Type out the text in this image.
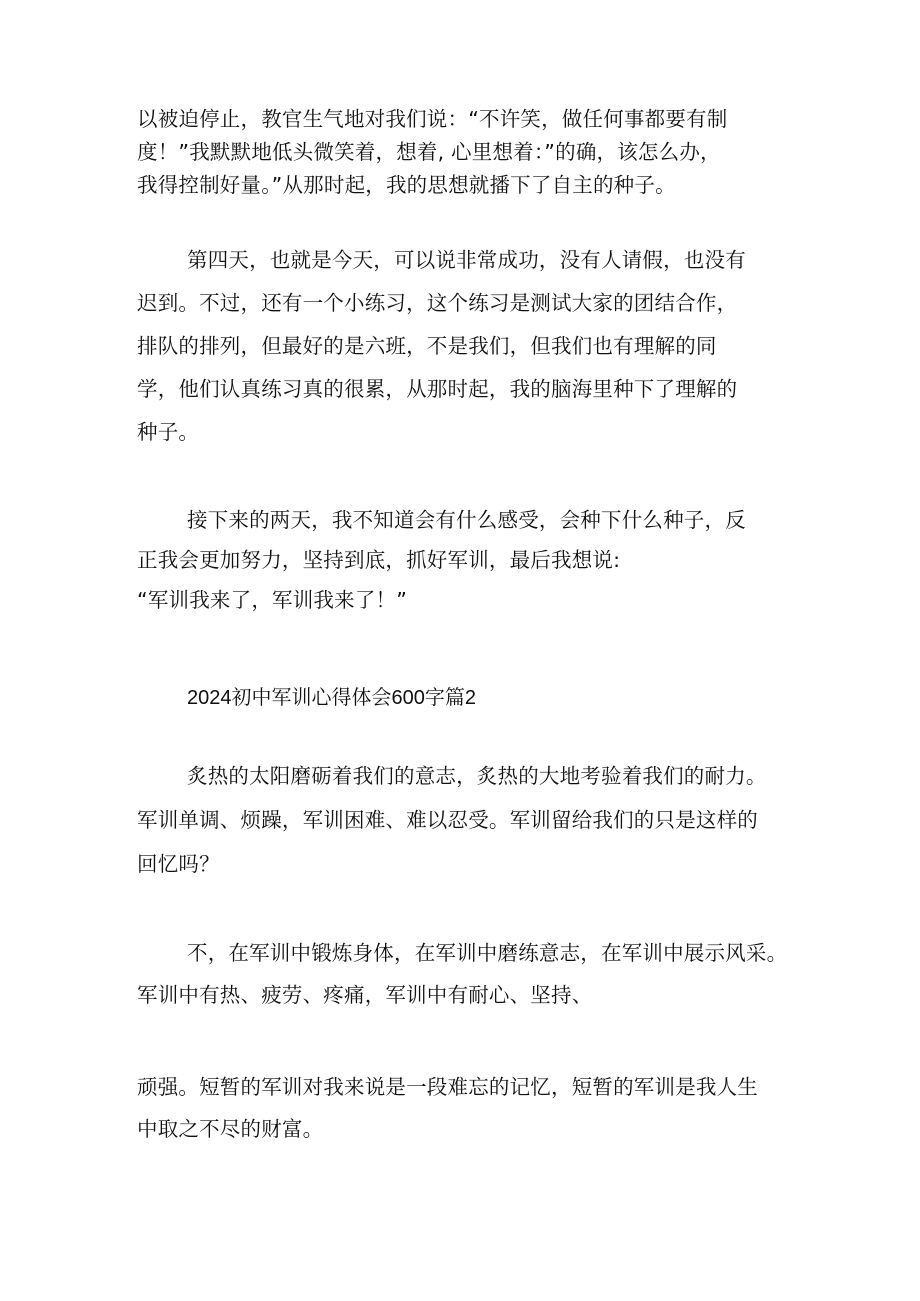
以被迫停止，教官生气地对我们说：“不许笑，做任何事都要有制

度！”我默默地低头微笑着，想着, 心里想着：”的确，该怎么办，

我得控制好量。”从那时起，我的思想就播下了自主的种子。

第四天，也就是今天，可以说非常成功，没有人请假，也没有

迟到。不过，还有一个小练习，这个练习是测试大家的团结合作，

排队的排列，但最好的是六班，不是我们，但我们也有理解的同

学，他们认真练习真的很累，从那时起，我的脑海里种下了理解的

种子。

接下来的两天，我不知道会有什么感受，会种下什么种子，反

正我会更加努力，坚持到底，抓好军训，最后我想说:

“军训我来了，军训我来了！”

2024初中军训心得体会600字篇2

炙热的太阳磨砺着我们的意志，炙热的大地考验着我们的耐力。

军训单调、烦躁，军训困难、难以忍受。军训留给我们的只是这样的

回忆吗？

不，在军训中锻炼身体，在军训中磨练意志，在军训中展示风采。

军训中有热、疲劳、疼痛，军训中有耐心、坚持、

顽强。短暂的军训对我来说是一段难忘的记忆，短暂的军训是我人生

中取之不尽的财富。
